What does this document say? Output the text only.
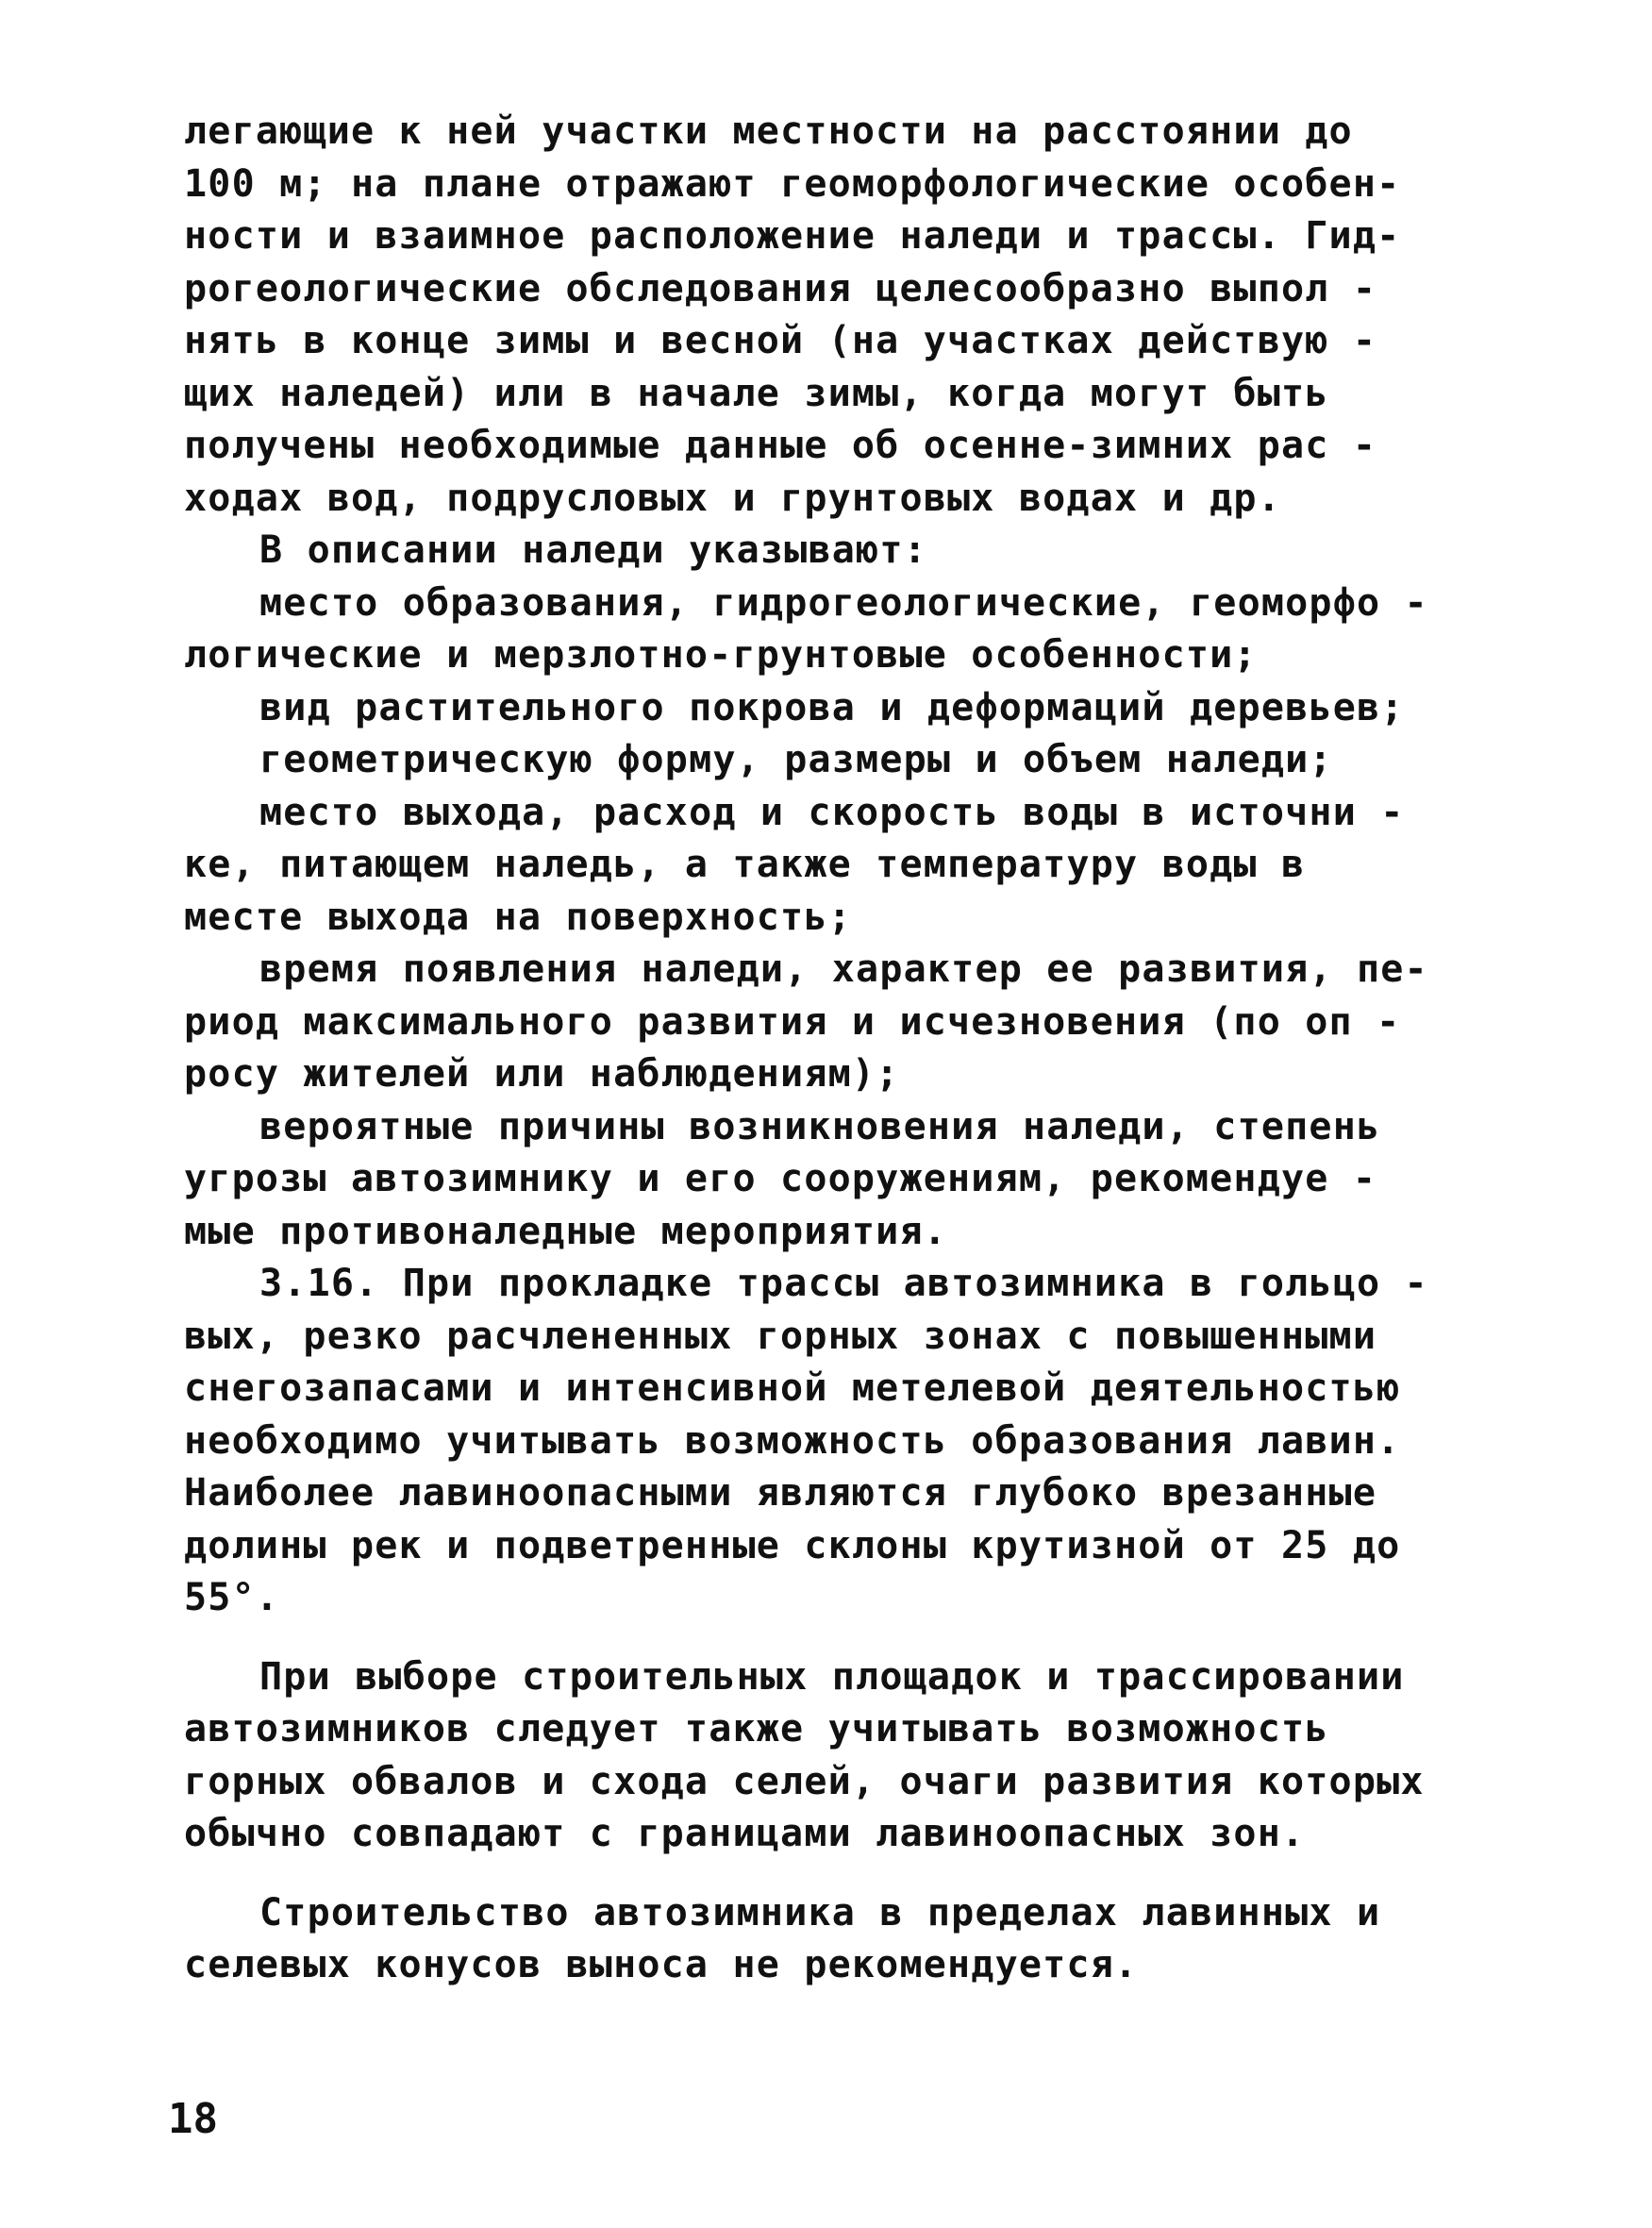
легающие к ней участки местности на расстоянии до
100 м; на плане отражают геоморфологические особен-
ности и взаимное расположение наледи и трассы. Гид-
рогеологические обследования целесообразно выпол -
нять в конце зимы и весной (на участках действую -
щих наледей) или в начале зимы, когда могут быть
получены необходимые данные об осенне-зимних рас -
ходах вод, подрусловых и грунтовых водах и др.
В описании наледи указывают:
место образования, гидрогеологические, геоморфо -
логические и мерзлотно-грунтовые особенности;
вид растительного покрова и деформаций деревьев;
геометрическую форму, размеры и объем наледи;
место выхода, расход и скорость воды в источни -
ке, питающем наледь, а также температуру воды в
месте выхода на поверхность;
время появления наледи, характер ее развития, пе-
риод максимального развития и исчезновения (по оп -
росу жителей или наблюдениям);
вероятные причины возникновения наледи, степень
угрозы автозимнику и его сооружениям, рекомендуе -
мые противоналедные мероприятия.
3.16. При прокладке трассы автозимника в гольцо -
вых, резко расчлененных горных зонах с повышенными
снегозапасами и интенсивной метелевой деятельностью
необходимо учитывать возможность образования лавин.
Наиболее лавиноопасными являются глубоко врезанные
долины рек и подветренные склоны крутизной от 25 до
55°.
При выборе строительных площадок и трассировании
автозимников следует также учитывать возможность
горных обвалов и схода селей, очаги развития которых
обычно совпадают с границами лавиноопасных зон.
Строительство автозимника в пределах лавинных и
селевых конусов выноса не рекомендуется.
18
